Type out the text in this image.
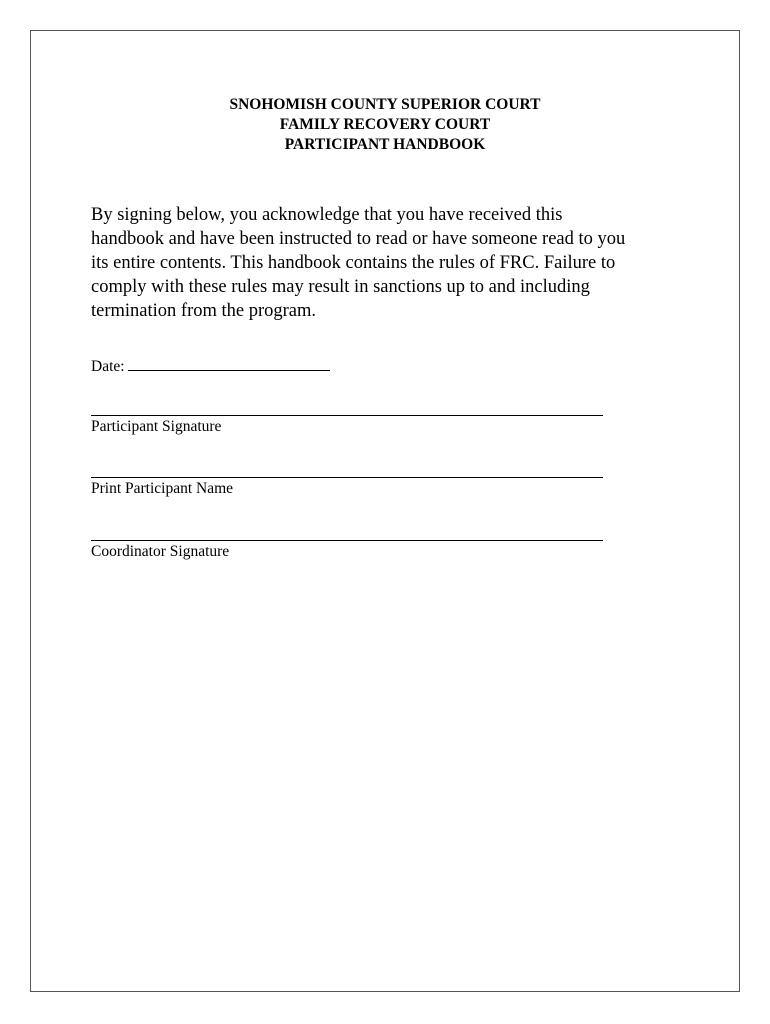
SNOHOMISH COUNTY SUPERIOR COURT
FAMILY RECOVERY COURT
PARTICIPANT HANDBOOK
By signing below, you acknowledge that you have received this
handbook and have been instructed to read or have someone read to you
its entire contents. This handbook contains the rules of FRC. Failure to
comply with these rules may result in sanctions up to and including
termination from the program.
Date:
Participant Signature
Print Participant Name
Coordinator Signature
